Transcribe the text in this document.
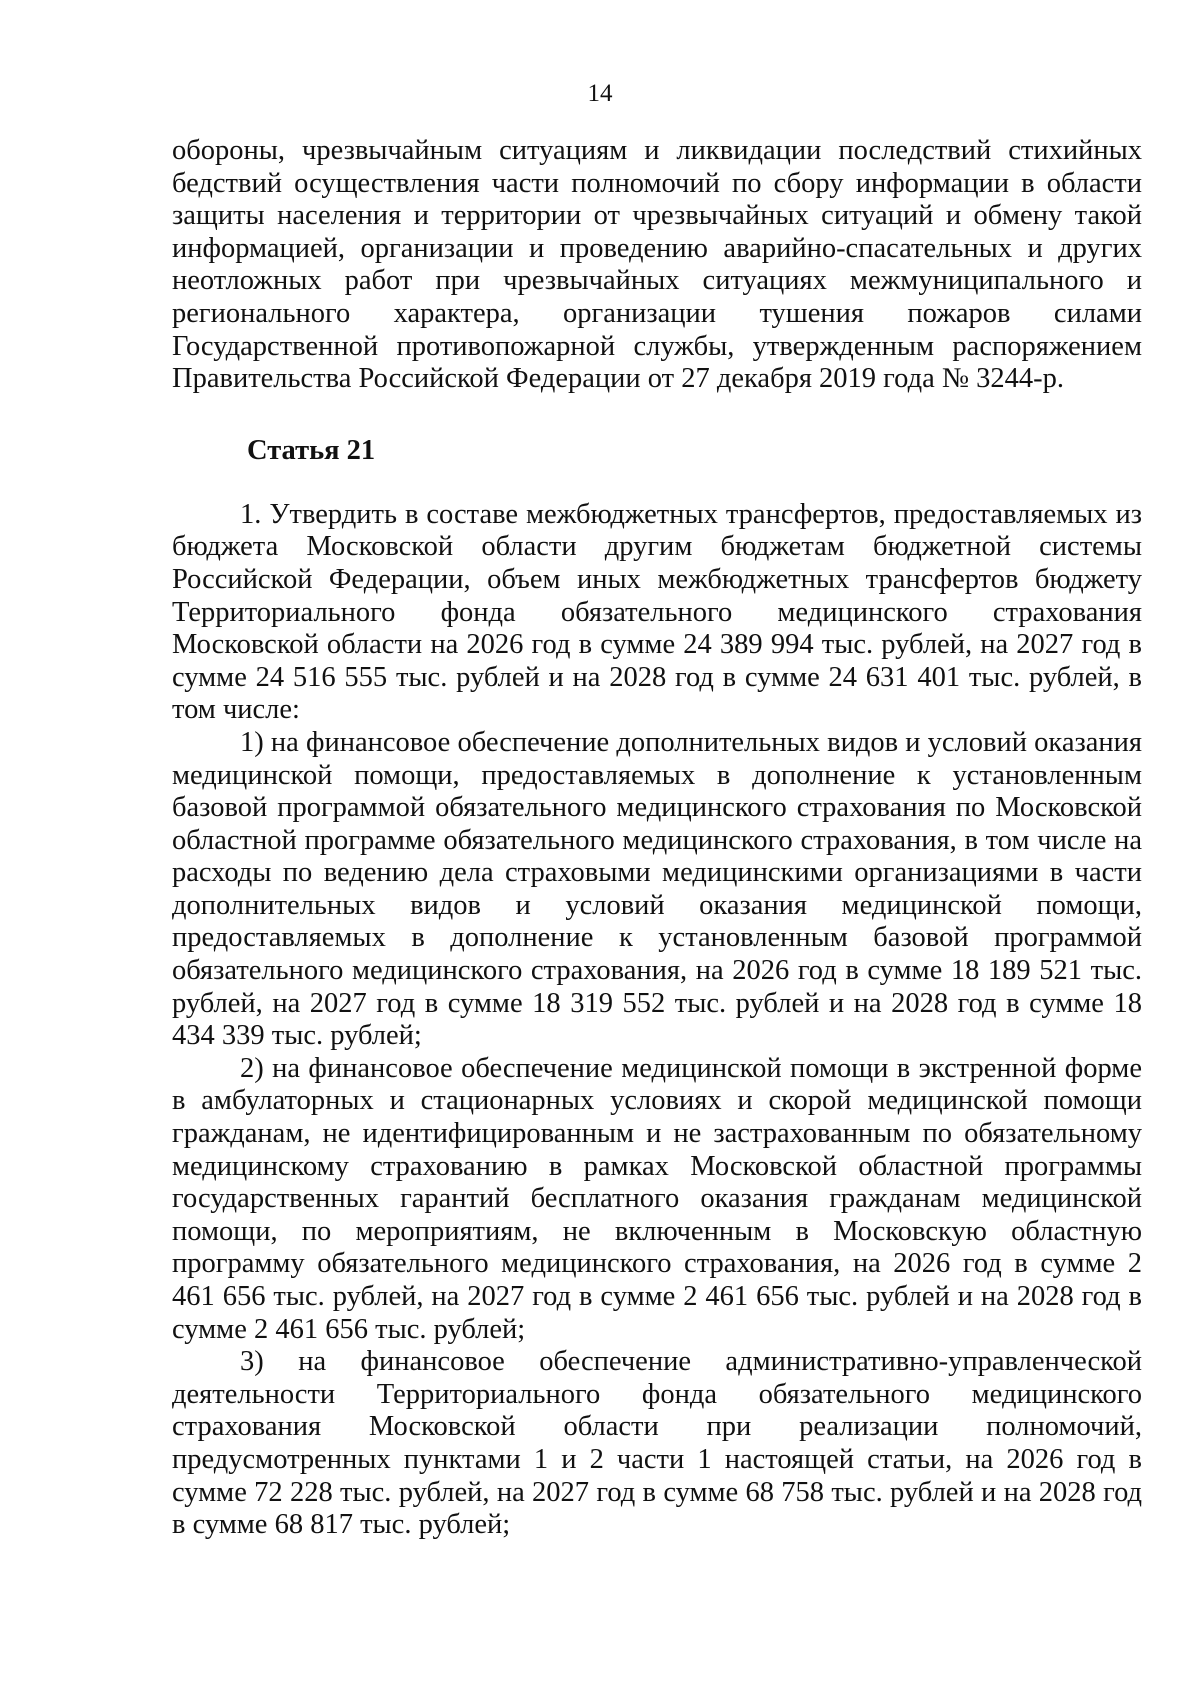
14

обороны, чрезвычайным ситуациям и ликвидации последствий стихийных бедствий осуществления части полномочий по сбору информации в области защиты населения и территории от чрезвычайных ситуаций и обмену такой информацией, организации и проведению аварийно-спасательных и других неотложных работ при чрезвычайных ситуациях межмуниципального и регионального характера, организации тушения пожаров силами Государственной противопожарной службы, утвержденным распоряжением Правительства Российской Федерации от 27 декабря 2019 года № 3244-р.

Статья 21

1. Утвердить в составе межбюджетных трансфертов, предоставляемых из бюджета Московской области другим бюджетам бюджетной системы Российской Федерации, объем иных межбюджетных трансфертов бюджету Территориального фонда обязательного медицинского страхования Московской области на 2026 год в сумме 24 389 994 тыс. рублей, на 2027 год в сумме 24 516 555 тыс. рублей и на 2028 год в сумме 24 631 401 тыс. рублей, в том числе:

1) на финансовое обеспечение дополнительных видов и условий оказания медицинской помощи, предоставляемых в дополнение к установленным базовой программой обязательного медицинского страхования по Московской областной программе обязательного медицинского страхования, в том числе на расходы по ведению дела страховыми медицинскими организациями в части дополнительных видов и условий оказания медицинской помощи, предоставляемых в дополнение к установленным базовой программой обязательного медицинского страхования, на 2026 год в сумме 18 189 521 тыс. рублей, на 2027 год в сумме 18 319 552 тыс. рублей и на 2028 год в сумме 18 434 339 тыс. рублей;

2) на финансовое обеспечение медицинской помощи в экстренной форме в амбулаторных и стационарных условиях и скорой медицинской помощи гражданам, не идентифицированным и не застрахованным по обязательному медицинскому страхованию в рамках Московской областной программы государственных гарантий бесплатного оказания гражданам медицинской помощи, по мероприятиям, не включенным в Московскую областную программу обязательного медицинского страхования, на 2026 год в сумме 2 461 656 тыс. рублей, на 2027 год в сумме 2 461 656 тыс. рублей и на 2028 год в сумме 2 461 656 тыс. рублей;

3) на финансовое обеспечение административно-управленческой деятельности Территориального фонда обязательного медицинского страхования Московской области при реализации полномочий, предусмотренных пунктами 1 и 2 части 1 настоящей статьи, на 2026 год в сумме 72 228 тыс. рублей, на 2027 год в сумме 68 758 тыс. рублей и на 2028 год в сумме 68 817 тыс. рублей;
